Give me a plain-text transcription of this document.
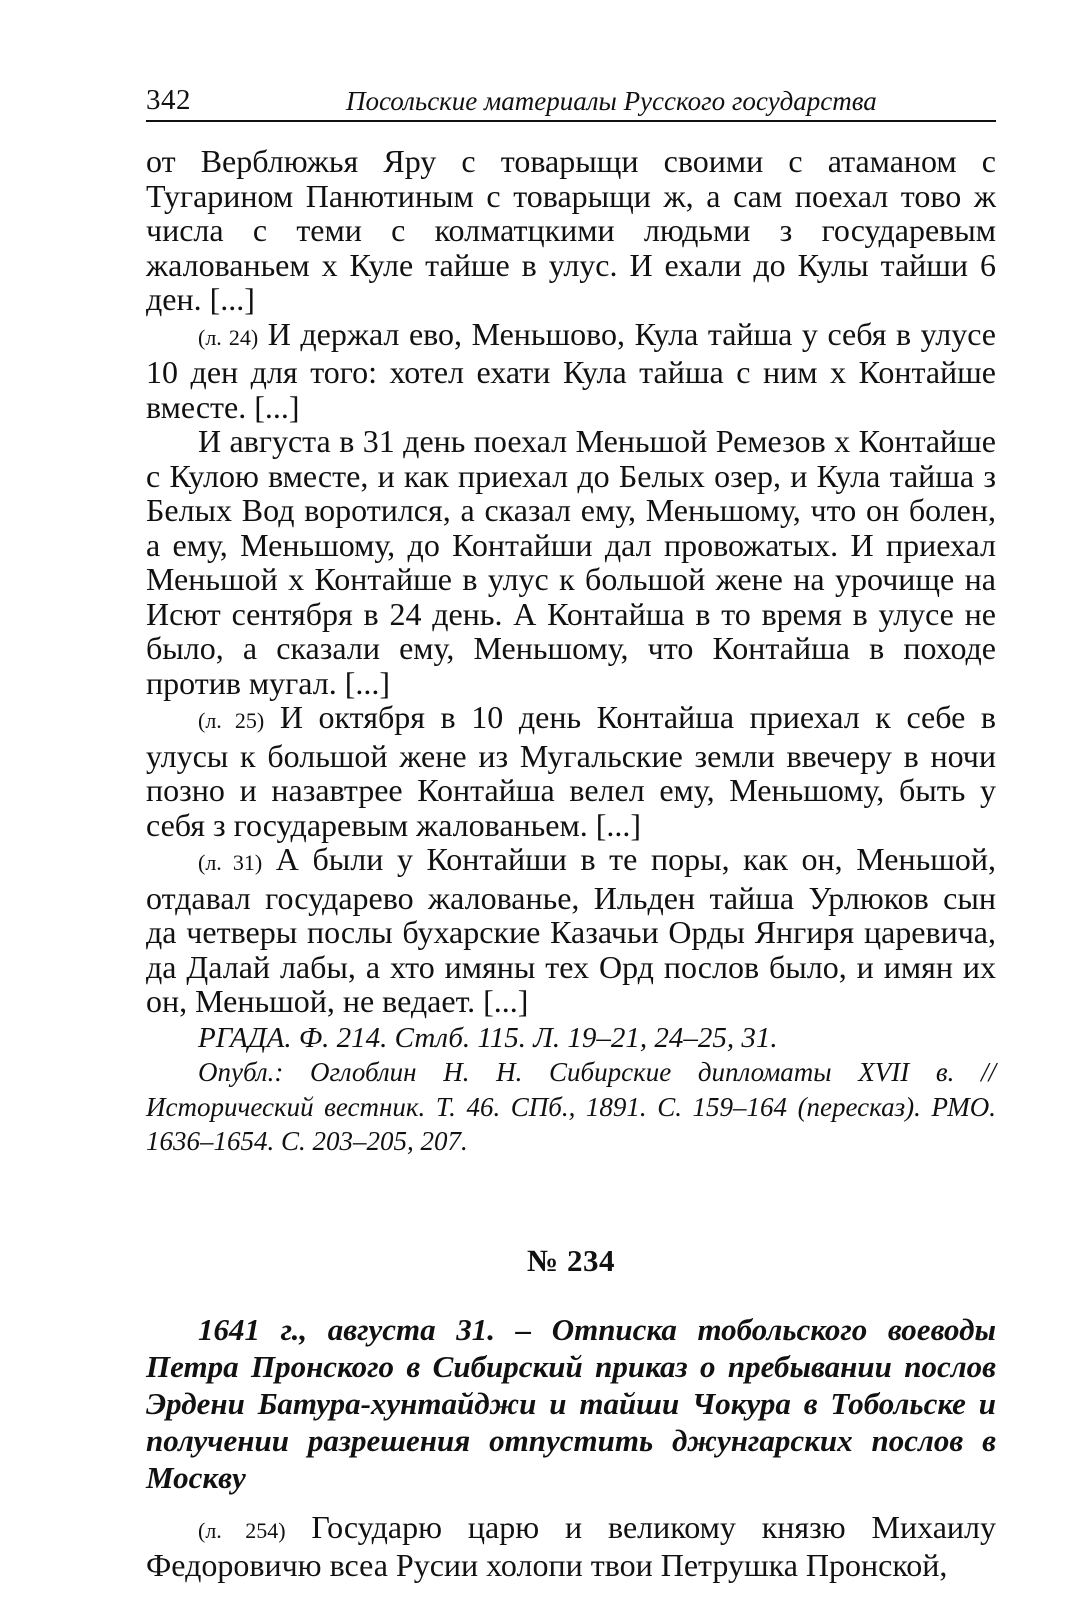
342	Посольские материалы Русского государства

от Верблюжья Яру с товарыщи своими с атаманом с Тугарином Панютиным с товарыщи ж, а сам поехал тово ж числа с теми с колматцкими людьми з государевым жалованьем х Куле тайше в улус. И ехали до Кулы тайши 6 ден. [...]

(л. 24) И держал ево, Меньшово, Кула тайша у себя в улусе 10 ден для того: хотел ехати Кула тайша с ним х Контайше вместе. [...]

И августа в 31 день поехал Меньшой Ремезов х Контайше с Кулою вместе, и как приехал до Белых озер, и Кула тайша з Белых Вод воротился, а сказал ему, Меньшому, что он болен, а ему, Меньшому, до Контайши дал провожатых. И приехал Меньшой х Контайше в улус к большой жене на урочище на Исют сентября в 24 день. А Контайша в то время в улусе не было, а сказали ему, Меньшому, что Контайша в походе против мугал. [...]

(л. 25) И октября в 10 день Контайша приехал к себе в улусы к большой жене из Мугальские земли ввечеру в ночи позно и назавтрее Контайша велел ему, Меньшому, быть у себя з государевым жалованьем. [...]

(л. 31) А были у Контайши в те поры, как он, Меньшой, отдавал государево жалованье, Ильден тайша Урлюков сын да четверы послы бухарские Казачьи Орды Янгиря царевича, да Далай лабы, а хто имяны тех Орд послов было, и имян их он, Меньшой, не ведает. [...]

РГАДА. Ф. 214. Стлб. 115. Л. 19–21, 24–25, 31.

Опубл.: Оглоблин Н. Н. Сибирские дипломаты XVII в. // Исторический вестник. Т. 46. СПб., 1891. С. 159–164 (пересказ). РМО. 1636–1654. С. 203–205, 207.

№ 234

1641 г., августа 31. – Отписка тобольского воеводы Петра Пронского в Сибирский приказ о пребывании послов Эрдени Батура-хунтайджи и тайши Чокура в Тобольске и получении разрешения отпустить джунгарских послов в Москву

(л. 254) Государю царю и великому князю Михаилу Федоровичю всеа Русии холопи твои Петрушка Пронской,
